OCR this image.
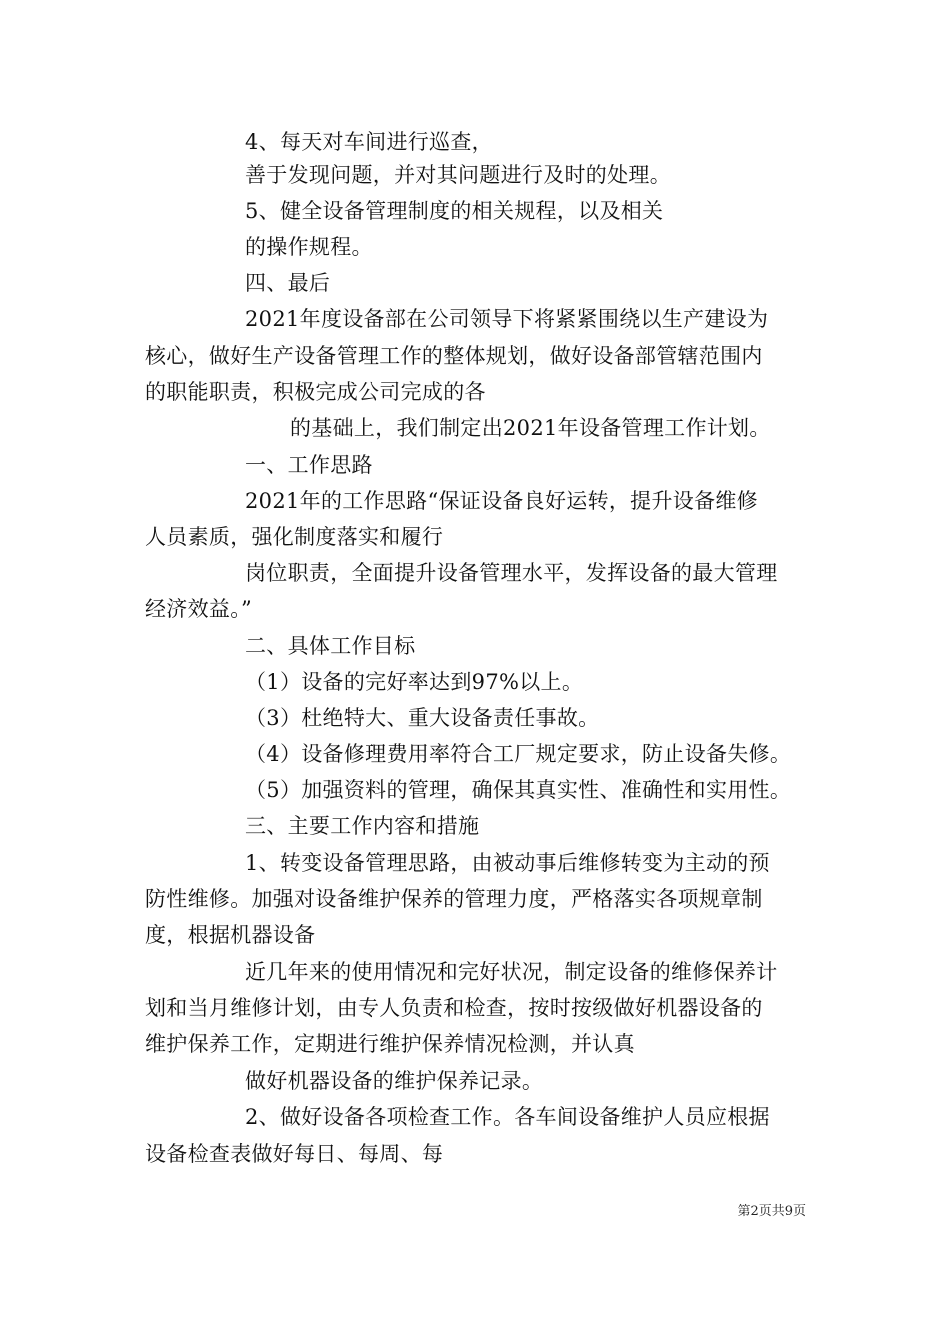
4、每天对车间进行巡查，
善于发现问题，并对其问题进行及时的处理。
5、健全设备管理制度的相关规程，以及相关
的操作规程。
四、最后
2021年度设备部在公司领导下将紧紧围绕以生产建设为
核心，做好生产设备管理工作的整体规划，做好设备部管辖范围内
的职能职责，积极完成公司完成的各
的基础上，我们制定出2021年设备管理工作计划。
一、工作思路
2021年的工作思路“保证设备良好运转，提升设备维修
人员素质，强化制度落实和履行
岗位职责，全面提升设备管理水平，发挥设备的最大管理
经济效益。”
二、具体工作目标
（1）设备的完好率达到97%以上。
（3）杜绝特大、重大设备责任事故。
（4）设备修理费用率符合工厂规定要求，防止设备失修。
（5）加强资料的管理，确保其真实性、准确性和实用性。
三、主要工作内容和措施
1、转变设备管理思路，由被动事后维修转变为主动的预
防性维修。加强对设备维护保养的管理力度，严格落实各项规章制
度，根据机器设备
近几年来的使用情况和完好状况，制定设备的维修保养计
划和当月维修计划，由专人负责和检查，按时按级做好机器设备的
维护保养工作，定期进行维护保养情况检测，并认真
做好机器设备的维护保养记录。
2、做好设备各项检查工作。各车间设备维护人员应根据
设备检查表做好每日、每周、每
第2页共9页
